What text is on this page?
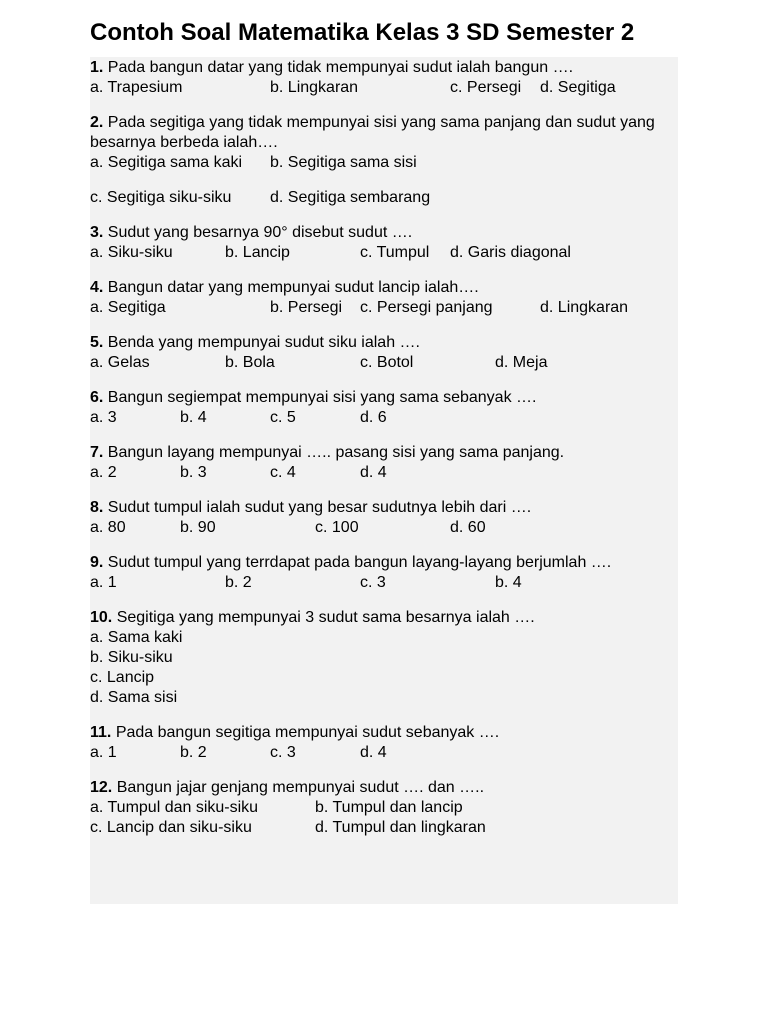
Contoh Soal Matematika Kelas 3 SD Semester 2

1. Pada bangun datar yang tidak mempunyai sudut ialah bangun ….

a. Trapesium	b. Lingkaran	c. Persegi d. Segitiga

2. Pada segitiga yang tidak mempunyai sisi yang sama panjang dan sudut yang besarnya berbeda ialah….

a. Segitiga sama kaki b. Segitiga sama sisi
c. Segitiga siku-siku d. Segitiga sembarang

3. Sudut yang besarnya 90° disebut sudut ….

a. Siku-siku	b. Lancip	c. Tumpul d. Garis diagonal

4. Bangun datar yang mempunyai sudut lancip ialah….

a. Segitiga	b. Persegi c. Persegi panjang	d. Lingkaran

5. Benda yang mempunyai sudut siku ialah ….

a. Gelas	b. Bola	c. Botol	d. Meja

6. Bangun segiempat mempunyai sisi yang sama sebanyak ….

a. 3	b. 4	c. 5	d. 6

7. Bangun layang mempunyai ….. pasang sisi yang sama panjang.

a. 2	b. 3	c. 4	d. 4

8. Sudut tumpul ialah sudut yang besar sudutnya lebih dari ….

a. 80	b. 90	c. 100	d. 60

9. Sudut tumpul yang terrdapat pada bangun layang-layang berjumlah ….

a. 1	b. 2	c. 3	b. 4

10. Segitiga yang mempunyai 3 sudut sama besarnya ialah ….

a. Sama kaki
b. Siku-siku
c. Lancip
d. Sama sisi

11. Pada bangun segitiga mempunyai sudut sebanyak ….

a. 1	b. 2	c. 3	d. 4

12. Bangun jajar genjang mempunyai sudut …. dan …..

a. Tumpul dan siku-siku	b. Tumpul dan lancip
c. Lancip dan siku-siku	d. Tumpul dan lingkaran
